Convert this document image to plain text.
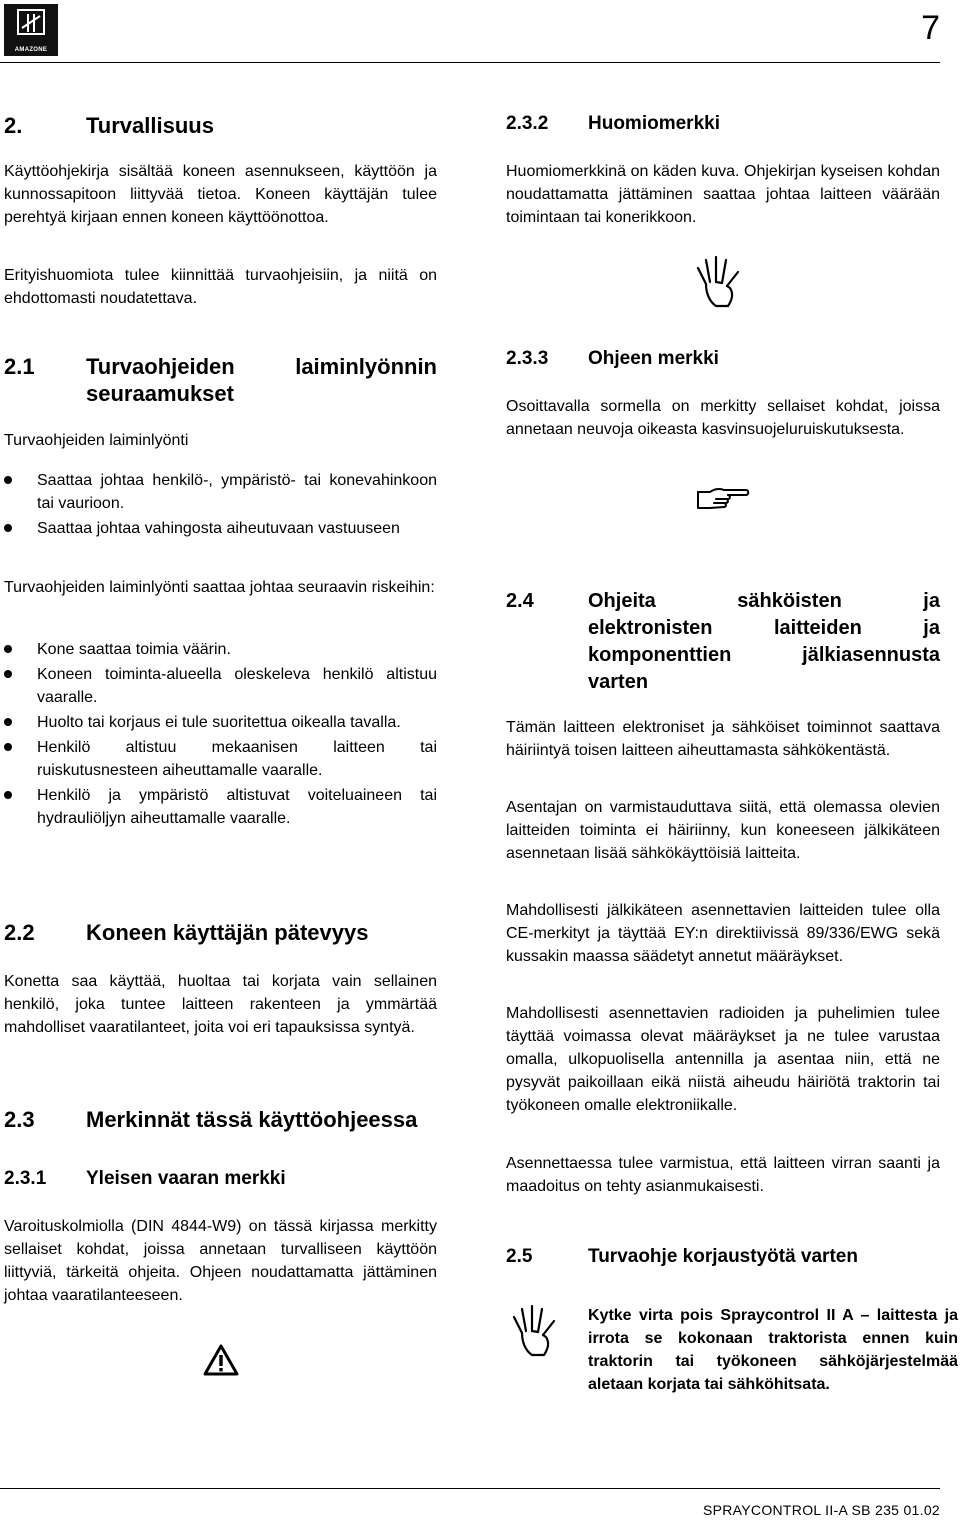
AMAZONE
7
2.	Turvallisuus

Käyttöohjekirja sisältää koneen asennukseen, käyttöön ja kunnossapitoon liittyvää tietoa. Koneen käyttäjän tulee perehtyä kirjaan ennen koneen käyttöönottoa.

Erityishuomiota tulee kiinnittää turvaohjeisiin, ja niitä on ehdottomasti noudatettava.

2.1	Turvaohjeiden laiminlyönnin
seuraamukset

Turvaohjeiden laiminlyönti

Saattaa johtaa henkilö-, ympäristö- tai konevahinkoon tai vaurioon.
Saattaa johtaa vahingosta aiheutuvaan vastuuseen

Turvaohjeiden laiminlyönti saattaa johtaa seuraavin riskeihin:

Kone saattaa toimia väärin.
Koneen toiminta-alueella oleskeleva henkilö altistuu vaaralle.
Huolto tai korjaus ei tule suoritettua oikealla tavalla.
Henkilö altistuu mekaanisen laitteen tai ruiskutusnesteen aiheuttamalle vaaralle.
Henkilö ja ympäristö altistuvat voiteluaineen tai hydrauliöljyn aiheuttamalle vaaralle.
2.2	Koneen käyttäjän pätevyys

Konetta saa käyttää, huoltaa tai korjata vain sellainen henkilö, joka tuntee laitteen rakenteen ja ymmärtää mahdolliset vaaratilanteet, joita voi eri tapauksissa syntyä.

2.3	Merkinnät tässä käyttöohjeessa
2.3.1	Yleisen vaaran merkki

Varoituskolmiolla (DIN 4844-W9) on tässä kirjassa merkitty sellaiset kohdat, joissa annetaan turvalliseen käyttöön liittyviä, tärkeitä ohjeita. Ohjeen noudattamatta jättäminen johtaa vaaratilanteeseen.

2.3.2	Huomiomerkki

Huomiomerkkinä on käden kuva. Ohjekirjan kyseisen kohdan noudattamatta jättäminen saattaa johtaa laitteen väärään toimintaan tai konerikkoon.

2.3.3	Ohjeen merkki

Osoittavalla sormella on merkitty sellaiset kohdat, joissa annetaan neuvoja oikeasta kasvinsuojeluruiskutuksesta.

2.4	Ohjeita sähköisten ja
elektronisten laitteiden ja
komponenttien jälkiasennusta
varten

Tämän laitteen elektroniset ja sähköiset toiminnot saattava häiriintyä toisen laitteen aiheuttamasta sähkökentästä.

Asentajan on varmistauduttava siitä, että olemassa olevien laitteiden toiminta ei häiriinny, kun koneeseen jälkikäteen asennetaan lisää sähkökäyttöisiä laitteita.

Mahdollisesti jälkikäteen asennettavien laitteiden tulee olla CE-merkityt ja täyttää EY:n direktiivissä 89/336/EWG sekä kussakin maassa säädetyt annetut määräykset.

Mahdollisesti asennettavien radioiden ja puhelimien tulee täyttää voimassa olevat määräykset ja ne tulee varustaa omalla, ulkopuolisella antennilla ja asentaa niin, että ne pysyvät paikoillaan eikä niistä aiheudu häiriötä traktorin tai työkoneen omalle elektroniikalle.

Asennettaessa tulee varmistua, että laitteen virran saanti ja maadoitus on tehty asianmukaisesti.

2.5	Turvaohje korjaustyötä varten

Kytke virta pois Spraycontrol II A – laittesta ja irrota se kokonaan traktorista ennen kuin traktorin tai työkoneen sähköjärjestelmää aletaan korjata tai sähköhitsata.

SPRAYCONTROL II-A SB 235 01.02
